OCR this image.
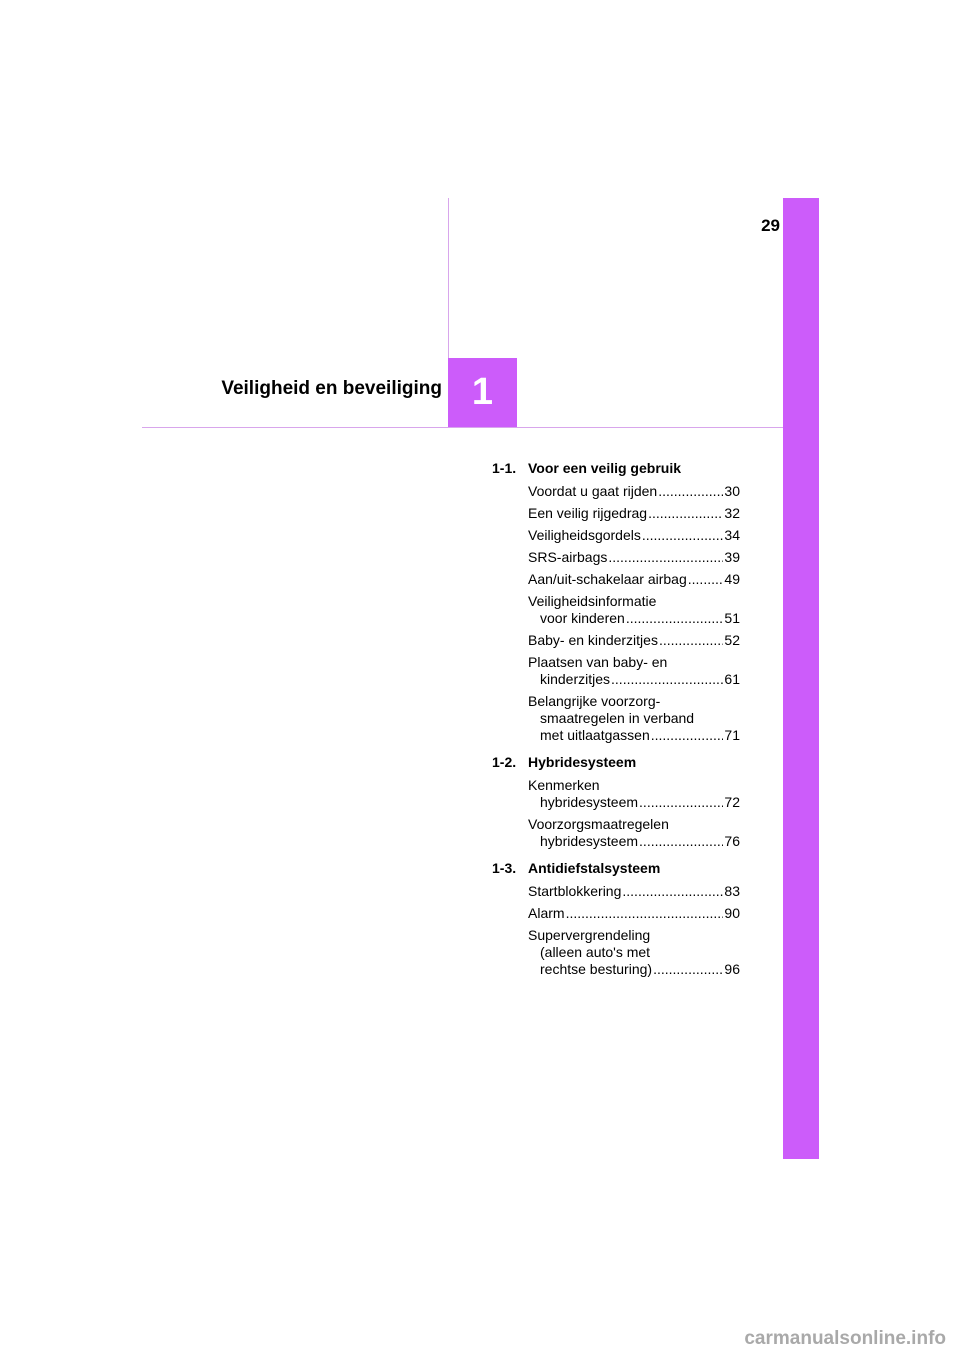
29
1
Veiligheid en beveiliging
1-1. Voor een veilig gebruik
Voordat u gaat rijden .....	30
Een veilig rijgedrag .....	32
Veiligheidsgordels .....	34
SRS-airbags .....	39
Aan/uit-schakelaar airbag .....	49
Veiligheidsinformatie
voor kinderen .....	51
Baby- en kinderzitjes .....	52
Plaatsen van baby- en
kinderzitjes .....	61
Belangrijke voorzorg-
smaatregelen in verband
met uitlaatgassen .....	71
1-2. Hybridesysteem
Kenmerken
hybridesysteem .....	72
Voorzorgsmaatregelen
hybridesysteem .....	76
1-3. Antidiefstalsysteem
Startblokkering .....	83
Alarm .....	90
Supervergrendeling
(alleen auto's met
rechtse besturing) .....	96
carmanualsonline.info
